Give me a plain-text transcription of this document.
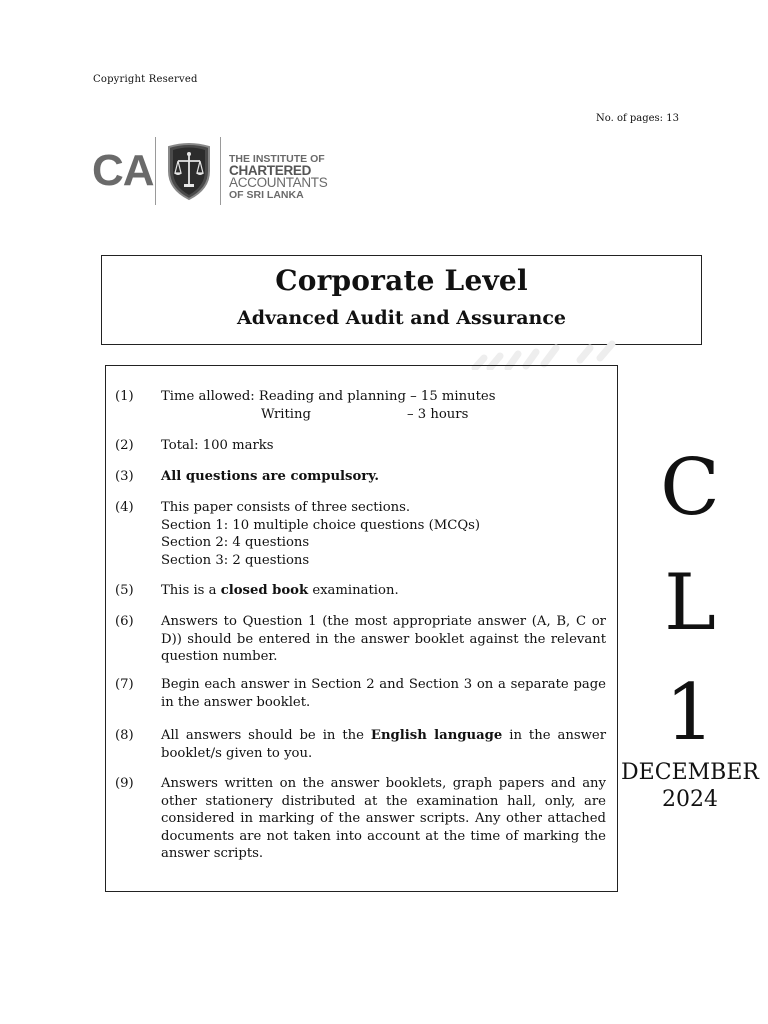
Copyright Reserved
No. of pages: 13
CA	THE INSTITUTE OF
CHARTERED ACCOUNTANTS
OF SRI LANKA
Corporate Level
Advanced Audit and Assurance
(1) Time allowed: Reading and planning – 15 minutes
Writing	– 3 hours
(2) Total: 100 marks
(3) All questions are compulsory.
(4) This paper consists of three sections.
Section 1: 10 multiple choice questions (MCQs)
Section 2: 4 questions
Section 3: 2 questions
(5) This is a closed book examination.
(6) Answers to Question 1 (the most appropriate answer (A, B, C or D)) should be entered in the answer booklet against the relevant question number.
(7) Begin each answer in Section 2 and Section 3 on a separate page in the answer booklet.
(8) All answers should be in the English language in the answer booklet/s given to you.
(9) Answers written on the answer booklets, graph papers and any other stationery distributed at the examination hall, only, are considered in marking of the answer scripts. Any other attached documents are not taken into account at the time of marking the answer scripts.
C
L
1
DECEMBER
2024
